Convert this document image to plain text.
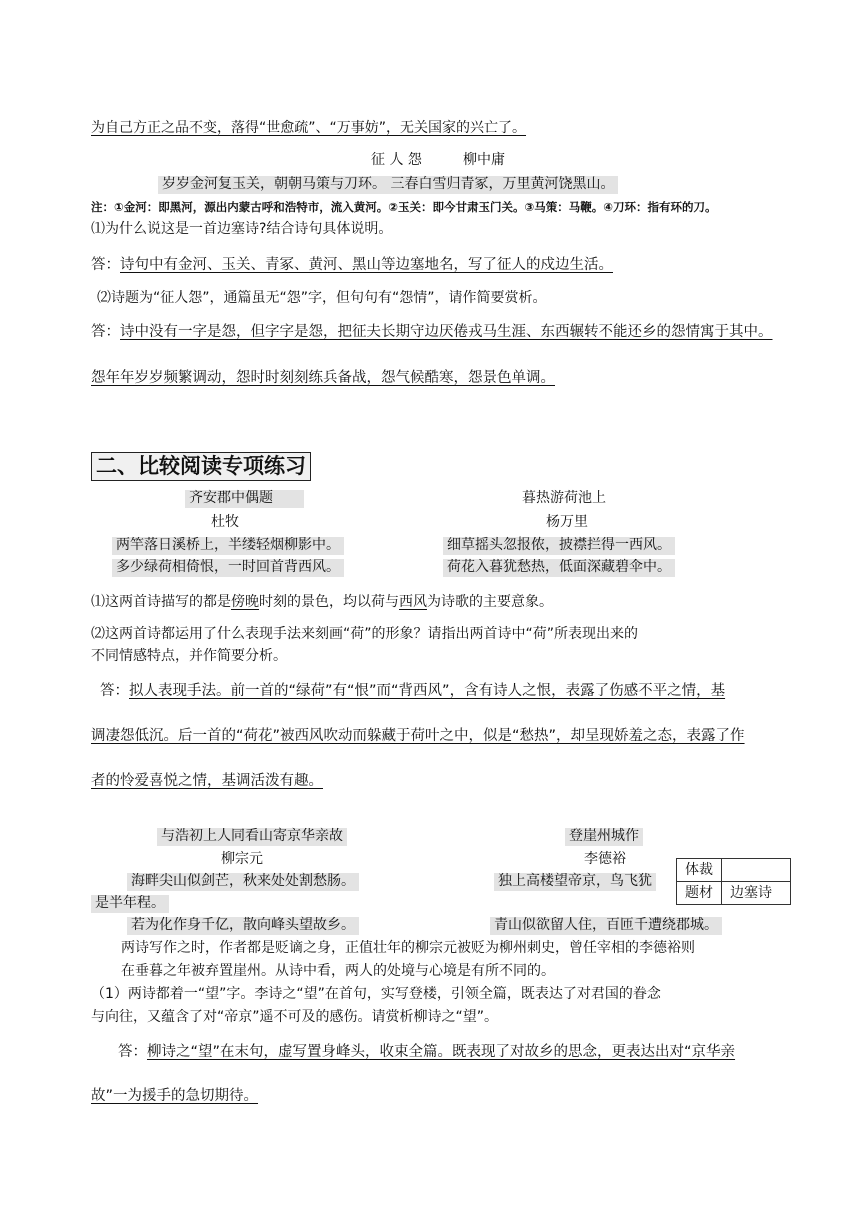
为自己方正之品不变，落得“世愈疏”、“万事妨”，无关国家的兴亡了。
征 人 怨	柳中庸
岁岁金河复玉关，朝朝马策与刀环。 三春白雪归青冢，万里黄河饶黑山。
注：①金河：即黑河，源出内蒙古呼和浩特市，流入黄河。②玉关：即今甘肃玉门关。③马策：马鞭。④刀环：指有环的刀。
⑴为什么说这是一首边塞诗?结合诗句具体说明。
答：诗句中有金河、玉关、青冢、黄河、黑山等边塞地名，写了征人的戍边生活。
⑵诗题为“征人怨”，通篇虽无“怨”字，但句句有“怨情”，请作简要赏析。
答：诗中没有一字是怨，但字字是怨，把征夫长期守边厌倦戎马生涯、东西辗转不能还乡的怨情寓于其中。
怨年年岁岁频繁调动，怨时时刻刻练兵备战，怨气候酷寒，怨景色单调。
二、比较阅读专项练习
齐安郡中偶题
杜牧
两竿落日溪桥上，半缕轻烟柳影中。
多少绿荷相倚恨，一时回首背西风。
暮热游荷池上
杨万里
细草摇头忽报侬，披襟拦得一西风。
荷花入暮犹愁热，低面深藏碧伞中。
⑴这两首诗描写的都是傍晚时刻的景色，均以荷与西风为诗歌的主要意象。
⑵这两首诗都运用了什么表现手法来刻画“荷”的形象？请指出两首诗中“荷”所表现出来的
不同情感特点，并作简要分析。
答：拟人表现手法。前一首的“绿荷”有“恨”而“背西风”，含有诗人之恨，表露了伤感不平之情，基
调凄怨低沉。后一首的“荷花”被西风吹动而躲藏于荷叶之中，似是“愁热”，却呈现娇羞之态，表露了作
者的怜爱喜悦之情，基调活泼有趣。
与浩初上人同看山寄京华亲故
柳宗元
海畔尖山似剑芒，秋来处处割愁肠。
若为化作身千亿，散向峰头望故乡。
登崖州城作
李德裕
独上高楼望帝京，鸟飞犹
是半年程。
青山似欲留人住，百匝千遭绕郡城。
体裁	
题材	边塞诗
两诗写作之时，作者都是贬谪之身，正值壮年的柳宗元被贬为柳州刺史，曾任宰相的李德裕则
在垂暮之年被弃置崖州。从诗中看，两人的处境与心境是有所不同的。
（1）两诗都着一“望”字。李诗之“望”在首句，实写登楼，引领全篇，既表达了对君国的眷念
与向往，又蕴含了对“帝京”遥不可及的感伤。请赏析柳诗之“望”。
答：柳诗之“望”在末句，虚写置身峰头，收束全篇。既表现了对故乡的思念，更表达出对“京华亲
故”一为援手的急切期待。
